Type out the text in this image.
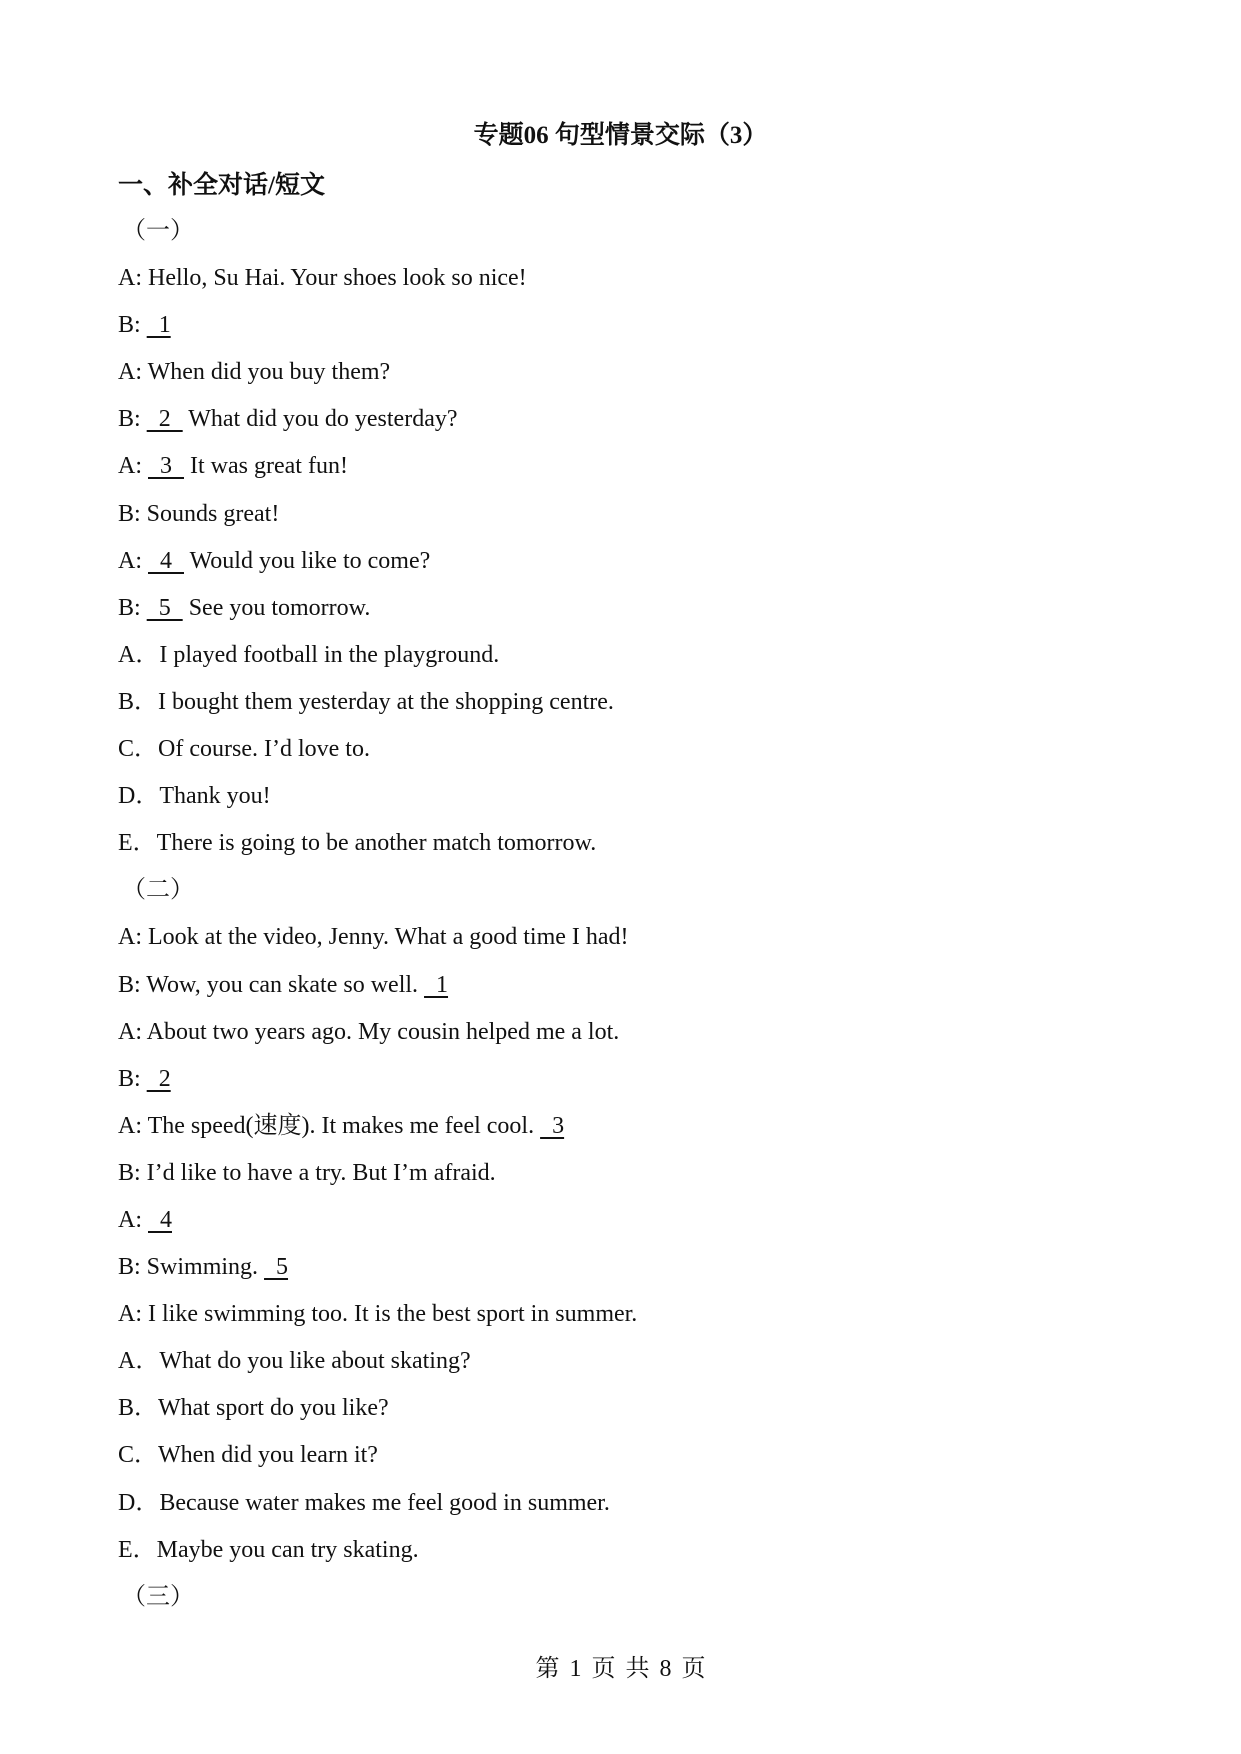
专题06 句型情景交际（3）
一、补全对话/短文
（一）
A: Hello, Su Hai. Your shoes look so nice!
B:   1
A: When did you buy them?
B:   2   What did you do yesterday?
A:   3   It was great fun!
B: Sounds great!
A:   4   Would you like to come?
B:   5   See you tomorrow.
A．I played football in the playground.
B．I bought them yesterday at the shopping centre.
C．Of course. I’d love to.
D．Thank you!
E．There is going to be another match tomorrow.
（二）
A: Look at the video, Jenny. What a good time I had!
B: Wow, you can skate so well.   1
A: About two years ago. My cousin helped me a lot.
B:   2
A: The speed(速度). It makes me feel cool.   3
B: I’d like to have a try. But I’m afraid.
A:   4
B: Swimming.   5
A: I like swimming too. It is the best sport in summer.
A．What do you like about skating?
B．What sport do you like?
C．When did you learn it?
D．Because water makes me feel good in summer.
E．Maybe you can try skating.
（三）
第 1 页 共 8 页
